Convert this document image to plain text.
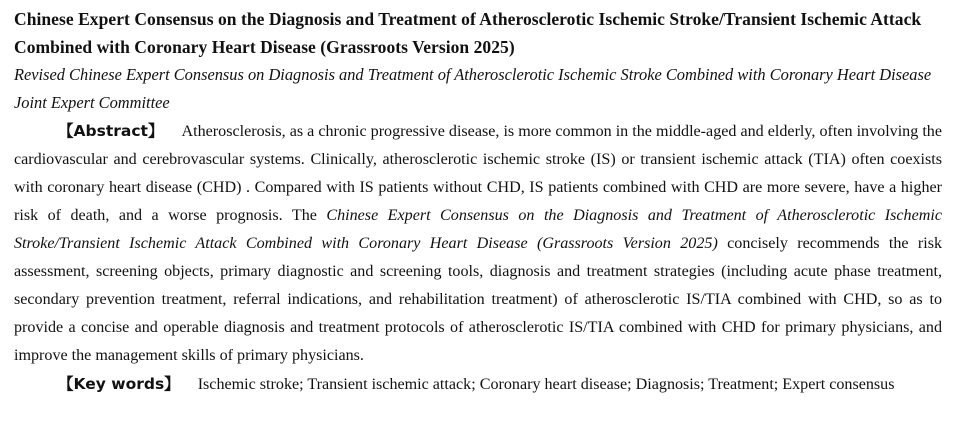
Chinese Expert Consensus on the Diagnosis and Treatment of Atherosclerotic Ischemic Stroke/Transient Ischemic Attack Combined with Coronary Heart Disease (Grassroots Version 2025)

Revised Chinese Expert Consensus on Diagnosis and Treatment of Atherosclerotic Ischemic Stroke Combined with Coronary Heart Disease Joint Expert Committee

【Abstract】 Atherosclerosis, as a chronic progressive disease, is more common in the middle-aged and elderly, often involving the cardiovascular and cerebrovascular systems. Clinically, atherosclerotic ischemic stroke (IS) or transient ischemic attack (TIA) often coexists with coronary heart disease (CHD) . Compared with IS patients without CHD, IS patients combined with CHD are more severe, have a higher risk of death, and a worse prognosis. The Chinese Expert Consensus on the Diagnosis and Treatment of Atherosclerotic Ischemic Stroke/Transient Ischemic Attack Combined with Coronary Heart Disease (Grassroots Version 2025) concisely recommends the risk assessment, screening objects, primary diagnostic and screening tools, diagnosis and treatment strategies (including acute phase treatment, secondary prevention treatment, referral indications, and rehabilitation treatment) of atherosclerotic IS/TIA combined with CHD, so as to provide a concise and operable diagnosis and treatment protocols of atherosclerotic IS/TIA combined with CHD for primary physicians, and improve the management skills of primary physicians.

【Key words】 Ischemic stroke; Transient ischemic attack; Coronary heart disease; Diagnosis; Treatment; Expert consensus
